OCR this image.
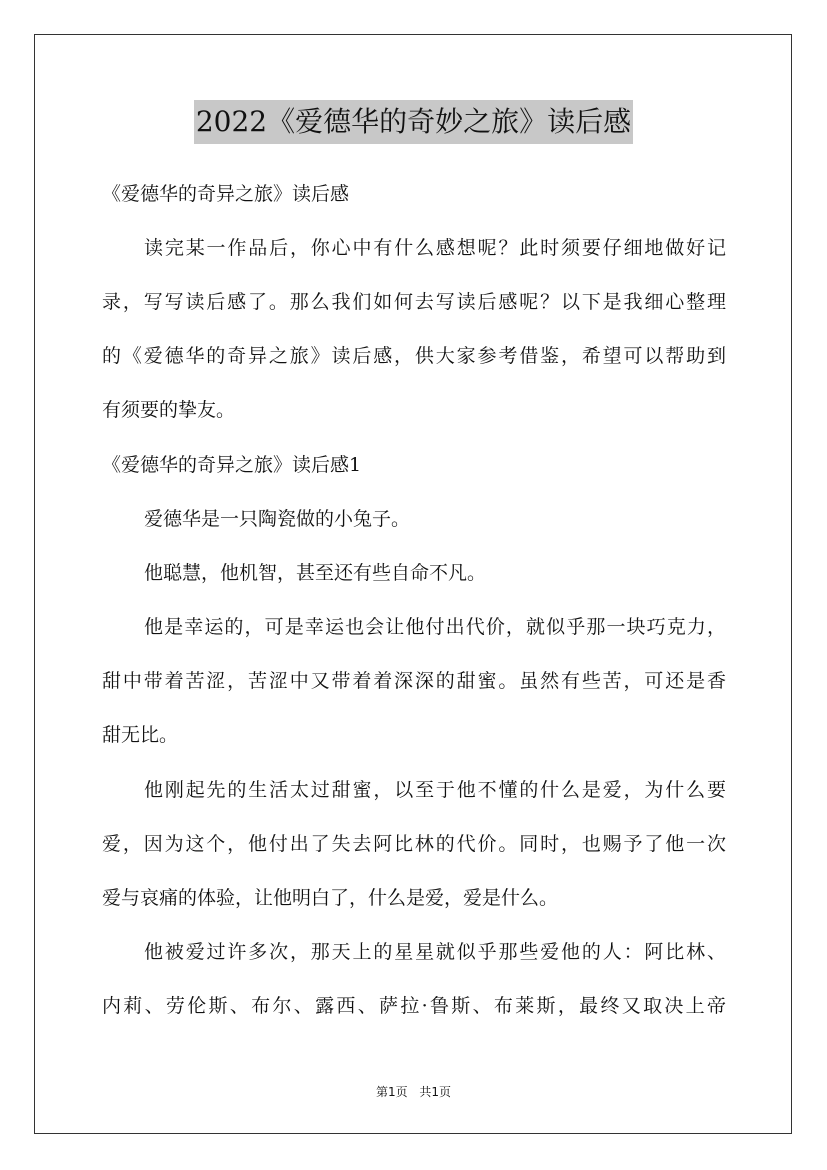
2022《爱德华的奇妙之旅》读后感
《爱德华的奇异之旅》读后感
读完某一作品后，你心中有什么感想呢？此时须要仔细地做好记
录，写写读后感了。那么我们如何去写读后感呢？以下是我细心整理
的《爱德华的奇异之旅》读后感，供大家参考借鉴，希望可以帮助到
有须要的挚友。
《爱德华的奇异之旅》读后感1
爱德华是一只陶瓷做的小兔子。
他聪慧，他机智，甚至还有些自命不凡。
他是幸运的，可是幸运也会让他付出代价，就似乎那一块巧克力，
甜中带着苦涩，苦涩中又带着着深深的甜蜜。虽然有些苦，可还是香
甜无比。
他刚起先的生活太过甜蜜，以至于他不懂的什么是爱，为什么要
爱，因为这个，他付出了失去阿比林的代价。同时，也赐予了他一次
爱与哀痛的体验，让他明白了，什么是爱，爱是什么。
他被爱过许多次，那天上的星星就似乎那些爱他的人：阿比林、
内莉、劳伦斯、布尔、露西、萨拉·鲁斯、布莱斯，最终又取决上帝
第1页 共1页
